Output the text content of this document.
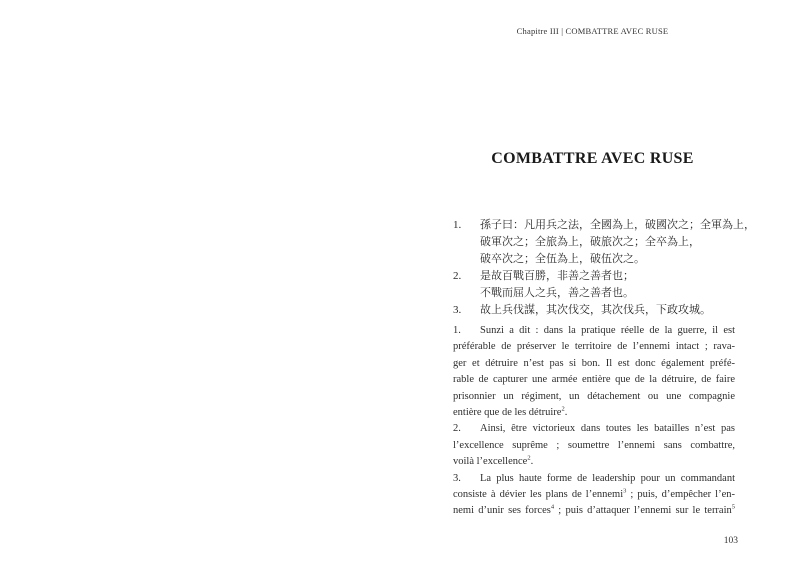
Chapitre III | COMBATTRE AVEC RUSE
COMBATTRE AVEC RUSE
1.	孫子曰：凡用兵之法，全國為上，破國次之；全軍為上，
破軍次之；全旅為上，破旅次之；全卒為上，
破卒次之；全伍為上，破伍次之。
2.	是故百戰百勝，非善之善者也；
不戰而屈人之兵，善之善者也。
3.	故上兵伐謀，其次伐交，其次伐兵，下政攻城。

1. Sunzi a dit : dans la pratique réelle de la guerre, il est
préférable de préserver le territoire de l’ennemi intact ; rava-
ger et détruire n’est pas si bon. Il est donc également préfé-
rable de capturer une armée entière que de la détruire, de faire
prisonnier un régiment, un détachement ou une compagnie
entière que de les détruire$^2$.

2. Ainsi, être victorieux dans toutes les batailles n’est pas
l’excellence suprême ; soumettre l’ennemi sans combattre,
voilà l’excellence$^2$.

3. La plus haute forme de leadership pour un commandant
consiste à dévier les plans de l’ennemi$^3$ ; puis, d’empêcher l’en-
nemi d’unir ses forces$^4$ ; puis d’attaquer l’ennemi sur le terrain$^5$

103
